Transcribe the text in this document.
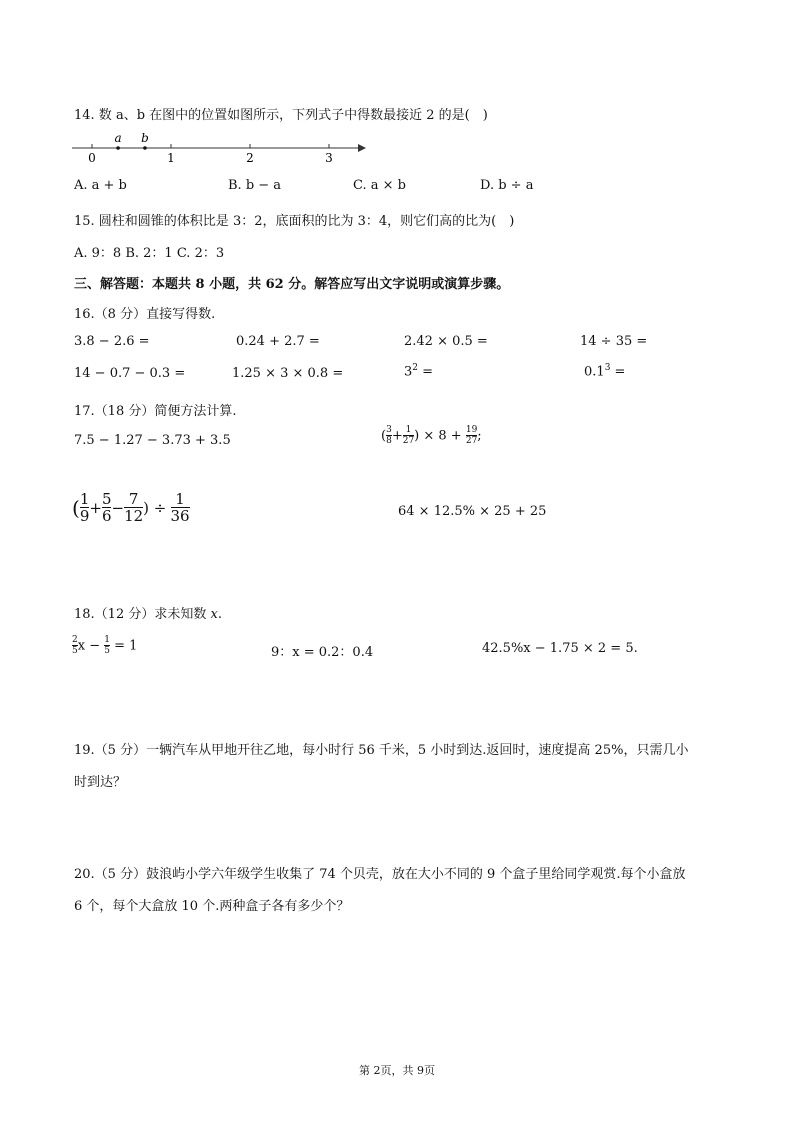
14. 数 a、b 在图中的位置如图所示，下列式子中得数最接近 2 的是(　)
0	1	2	3
a b
A. a + b	B. b − a	C. a × b	D. b ÷ a
15. 圆柱和圆锥的体积比是 3：2，底面积的比为 3：4，则它们高的比为(　)
A. 9：8 B. 2：1 C. 2：3
三、解答题：本题共 8 小题，共 62 分。解答应写出文字说明或演算步骤。
16.（8 分）直接写得数.
3.8 − 2.6 =	0.24 + 2.7 =	2.42 × 0.5 =	14 ÷ 35 =
14 − 0.7 − 0.3 =	1.25 × 3 × 0.8 =	$3^2$ =	$0.1^3$ =
17.（18 分）简便方法计算.
7.5 − 1.27 − 3.73 + 3.5	( $\frac{3}{8} + \frac{1}{27}$ ) × $8 + \frac{19}{27}$ ;
( $\frac{1}{9} + \frac{5}{6} - \frac{7}{12}$ ) ÷ $\frac{1}{36}$	64 × 12.5% × 25 + 25
18.（12 分）求未知数 x.
$\frac{2}{5}$ $x - \frac{1}{5} = 1$	9：x = 0.2：0.4	42.5%x − 1.75 × 2 = 5.
19.（5 分）一辆汽车从甲地开往乙地，每小时行 56 千米，5 小时到达.返回时，速度提高 25%，只需几小
时到达？
20.（5 分）鼓浪屿小学六年级学生收集了 74 个贝壳，放在大小不同的 9 个盒子里给同学观赏.每个小盒放
6 个，每个大盒放 10 个.两种盒子各有多少个？
第 2页，共 9页
